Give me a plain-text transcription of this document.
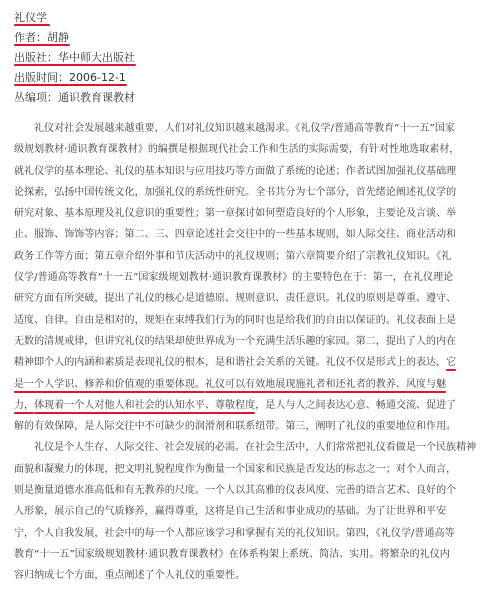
礼仪学
作者：胡静
出版社：华中师大出版社
出版时间：2006-12-1
丛编项：通识教育课教材
礼仪对社会发展越来越重要，人们对礼仪知识越来越渴求。《礼仪学/普通高等教育“十一五”国家
级规划教材·通识教育课教材》的编撰是根据现代社会工作和生活的实际需要，有针对性地选取素材，
就礼仪学的基本理论、礼仪的基本知识与应用技巧等方面做了系统的论述；作者试图加强礼仪基础理
论探索，弘扬中国传统文化，加强礼仪的系统性研究。全书共分为七个部分，首先绪论阐述礼仪学的
研究对象、基本原理及礼仪意识的重要性；第一章探讨如何塑造良好的个人形象，主要论及言谈、举
止、服饰、饰饰等内容；第二、三、四章论述社会交往中的一些基本规则，如人际交往、商业活动和
政务工作等方面；第五章介绍外事和节庆活动中的礼仪规则；第六章简要介绍了宗教礼仪知识。《礼
仪学/普通高等教育“十一五”国家级规划教材·通识教育课教材》的主要特色在于：第一，在礼仪理论
研究方面有所突破，提出了礼仪的核心是道德原、规则意识、责任意识。礼仪的原则是尊重、遵守、
适度、自律。自由是相对的，规矩在束缚我们行为的同时也是给我们的自由以保证的。礼仪表面上是
无数的清规戒律，但讲究礼仪的结果却使世界成为一个充满生活乐趣的家园。第二，提出了人的内在
精神即个人的内涵和素质是表现礼仪的根本，是和谐社会关系的关键。礼仪不仅是形式上的表达，它
是一个人学识、修养和价值观的重要体现。
礼仪可以有效地展现施礼者和还礼者的教养、风度与魅
力，
体现着一个人对他人和社会的认知水平、尊敬程度
，是人与人之间表达心意、畅通交流、促进了
解的有效保障，是人际交往中不可缺少的润滑剂和联系纽带。第三，阐明了礼仪的重要地位和作用。
礼仪是个人生存、人际交往、社会发展的必需。在社会生活中，人们常常把礼仪看做是一个民族精神
面貌和凝聚力的体现，把文明礼貌程度作为衡量一个国家和民族是否发达的标志之一；对个人而言，
则是衡量道德水准高低和有无教养的尺度。一个人以其高雅的仪表风度、完善的语言艺术、良好的个
人形象，展示自己的气质修养，赢得尊重，这将是自己生活和事业成功的基础。为了让世界和平安
宁，个人自我发展，社会中的每一个人都应该学习和掌握有关的礼仪知识。第四，《礼仪学/普通高等
教育“十一五”国家级规划教材·通识教育课教材》在体系构架上系统、简洁、实用。将繁杂的礼仪内
容归纳成七个方面，重点阐述了个人礼仪的重要性。
